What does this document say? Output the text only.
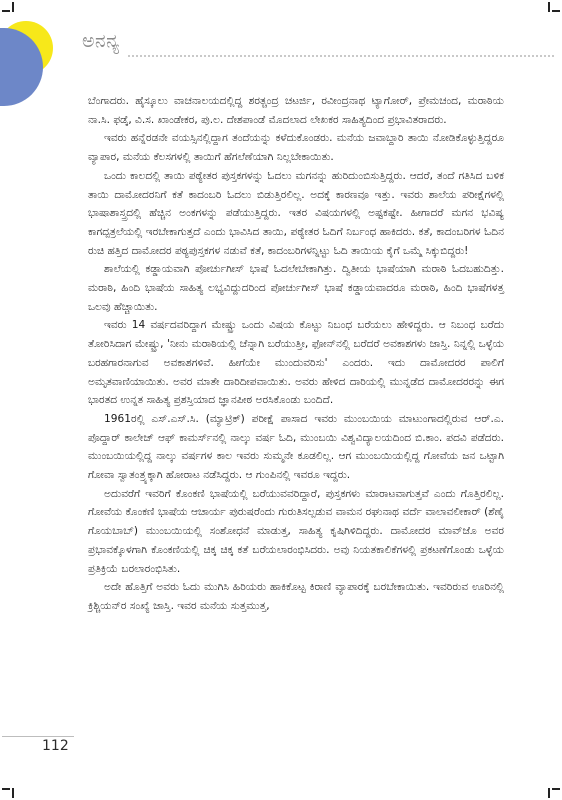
ಅನನ್ಯ

ಬೆಂಗಾದರು. ಹೈಸ್ಕೂಲು ವಾಚನಾಲಯದಲ್ಲಿದ್ದ ಶರತ್ಚಂದ್ರ ಚಟರ್ಜಿ, ರವೀಂದ್ರನಾಥ ಟ್ಯಾಗೋರ್, ಪ್ರೇಮಚಂದ, ಮರಾಠಿಯ ನಾ.ಸಿ. ಫಡ್ಕೆ, ವಿ.ಸ. ಖಾಂಡೇಕರ, ಪು.ಲ. ದೇಶಪಾಂಡೆ ಮೊದಲಾದ ಲೇಖಕರ ಸಾಹಿತ್ಯದಿಂದ ಪ್ರಭಾವಿತರಾದರು.

ಇವರು ಹನ್ನೆರಡನೇ ವಯಸ್ಸಿನಲ್ಲಿದ್ದಾಗ ತಂದೆಯನ್ನು ಕಳೆದುಕೊಂಡರು. ಮನೆಯ ಜವಾಬ್ದಾರಿ ತಾಯಿ ನೋಡಿಕೊಳ್ಳುತ್ತಿದ್ದರೂ ವ್ಯಾಪಾರ, ಮನೆಯ ಕೆಲಸಗಳಲ್ಲಿ ತಾಯಿಗೆ ಹೆಗಲೆಣೆಯಾಗಿ ನಿಲ್ಲಬೇಕಾಯಿತು.

ಒಂದು ಕಾಲದಲ್ಲಿ ತಾಯಿ ಪಠ್ಯೇತರ ಪುಸ್ತಕಗಳನ್ನು ಓದಲು ಮಗನನ್ನು ಹುರಿದುಂಬಿಸುತ್ತಿದ್ದರು. ಆದರೆ, ತಂದೆ ಗತಿಸಿದ ಬಳಿಕ ತಾಯಿ ದಾಮೋದರನಿಗೆ ಕತೆ ಕಾದಂಬರಿ ಓದಲು ಬಿಡುತ್ತಿರಲಿಲ್ಲ. ಅದಕ್ಕೆ ಕಾರಣವೂ ಇತ್ತು. ಇವರು ಶಾಲೆಯ ಪರೀಕ್ಷೆಗಳಲ್ಲಿ ಭಾಷಾಶಾಸ್ತ್ರದಲ್ಲಿ ಹೆಚ್ಚಿನ ಅಂಕಗಳನ್ನು ಪಡೆಯುತ್ತಿದ್ದರು. ಇತರ ವಿಷಯಗಳಲ್ಲಿ ಅಷ್ಟಕಷ್ಟೇ. ಹೀಗಾದರೆ ಮಗನ ಭವಿಷ್ಯ ಕಾಗದ್ಪತ್ರಲೆಯಲ್ಲಿ ಇರಬೇಕಾಗುತ್ತದೆ ಎಂದು ಭಾವಿಸಿದ ತಾಯಿ, ಪಠ್ಯೇತರ ಓದಿಗೆ ನಿರ್ಬಂಧ ಹಾಕಿದರು. ಕತೆ, ಕಾದಂಬರಿಗಳ ಓದಿನ ರುಚಿ ಹತ್ತಿದ ದಾಮೋದರ ಪಠ್ಯಪುಸ್ತಕಗಳ ನಡುವೆ ಕತೆ, ಕಾದಂಬರಿಗಳನ್ನಿಟ್ಟು ಓದಿ ತಾಯಿಯ ಕೈಗೆ ಒಮ್ಮೆ ಸಿಕ್ಕುಬಿದ್ದರು!

ಶಾಲೆಯಲ್ಲಿ ಕಡ್ಡಾಯವಾಗಿ ಪೋರ್ಚುಗೀಸ್ ಭಾಷೆ ಓದಲೇಬೇಕಾಗಿತ್ತು. ದ್ವಿತೀಯ ಭಾಷೆಯಾಗಿ ಮರಾಠಿ ಓದಬಹುದಿತ್ತು. ಮರಾಠಿ, ಹಿಂದಿ ಭಾಷೆಯ ಸಾಹಿತ್ಯ ಲಭ್ಯವಿದ್ದುದರಿಂದ ಪೋರ್ಚುಗೀಸ್ ಭಾಷೆ ಕಡ್ಡಾಯವಾದರೂ ಮರಾಠಿ, ಹಿಂದಿ ಭಾಷೆಗಳತ್ತ ಒಲವು ಹೆಚ್ಚಾಯಿತು.

ಇವರು 14 ವರ್ಷದವರಿದ್ದಾಗ ಮೇಷ್ಟ್ರು ಒಂದು ವಿಷಯ ಕೊಟ್ಟು ನಿಬಂಧ ಬರೆಯಲು ಹೇಳಿದ್ದರು. ಆ ನಿಬಂಧ ಬರೆದು ತೋರಿಸಿದಾಗ ಮೇಷ್ಟ್ರು, 'ನೀನು ಮರಾಠಿಯಲ್ಲಿ ಚೆನ್ನಾಗಿ ಬರೆಯುತ್ತೀ, ಫೋನ್‌ನಲ್ಲಿ ಬರೆದರೆ ಅವಕಾಶಗಳು ಜಾಸ್ತಿ. ನಿನ್ನಲ್ಲಿ ಒಳ್ಳೆಯ ಬರಹಗಾರನಾಗುವ ಅವಕಾಶಗಳಿವೆ. ಹೀಗೆಯೇ ಮುಂದುವರಿಸು' ಎಂದರು. ಇದು ದಾಮೋದರರ ಪಾಲಿಗೆ ಅಮೃತವಾಣಿಯಾಯಿತು. ಅವರ ಮಾತೇ ದಾರಿದೀಪವಾಯಿತು. ಅವರು ಹೇಳಿದ ದಾರಿಯಲ್ಲಿ ಮುನ್ನಡೆದ ದಾಮೋದರರನ್ನು ಈಗ ಭಾರತದ ಉನ್ನತ ಸಾಹಿತ್ಯ ಪ್ರಶಸ್ತಿಯಾದ ಜ್ಞಾನಪೀಠ ಅರಸಿಕೊಂಡು ಬಂದಿದೆ.

1961ರಲ್ಲಿ ಎಸ್.ಎಸ್.ಸಿ. (ಮ್ಯಾಟ್ರಿಕ್) ಪರೀಕ್ಷೆ ಪಾಸಾದ ಇವರು ಮುಂಬಯಿಯ ಮಾಟುಂಗಾದಲ್ಲಿರುವ ಆರ್.ಎ. ಪೊದ್ದಾರ್ ಕಾಲೇಜ್ ಆಫ್ ಕಾಮರ್ಸ್‌ನಲ್ಲಿ ನಾಲ್ಕು ವರ್ಷ ಓದಿ, ಮುಂಬಯಿ ವಿಶ್ವವಿದ್ಯಾಲಯದಿಂದ ಬಿ.ಕಾಂ. ಪದವಿ ಪಡೆದರು. ಮುಂಬಯಿಯಲ್ಲಿದ್ದ ನಾಲ್ಕು ವರ್ಷಗಳ ಕಾಲ ಇವರು ಸುಮ್ಮನೇ ಕೂಡಲಿಲ್ಲ. ಆಗ ಮುಂಬಯಿಯಲ್ಲಿದ್ದ ಗೋವೆಯ ಜನ ಒಟ್ಟಾಗಿ ಗೋವಾ ಸ್ವಾತಂತ್ರ್ಯಕ್ಕಾಗಿ ಹೋರಾಟ ನಡೆಸಿದ್ದರು. ಆ ಗುಂಪಿನಲ್ಲಿ ಇವರೂ ಇದ್ದರು.

ಅದುವರೆಗೆ ಇವರಿಗೆ ಕೊಂಕಣಿ ಭಾಷೆಯಲ್ಲಿ ಬರೆಯುವವರಿದ್ದಾರೆ, ಪುಸ್ತಕಗಳು ಮಾರಾಟವಾಗುತ್ತವೆ ಎಂದು ಗೊತ್ತಿರಲಿಲ್ಲ. ಗೋವೆಯ ಕೊಂಕಣಿ ಭಾಷೆಯ ಆಚಾರ್ಯ ಪುರುಷರೆಂದು ಗುರುತಿಸಲ್ಪಡುವ ವಾಮನ ರಘುನಾಥ ವರ್ದೆ ವಾಲಾವಲೀಕಾರ್ (ಶೆಣೈ ಗೊಯಬಾಬ್) ಮುಂಬಯಿಯಲ್ಲಿ ಸಂಶೋಧನೆ ಮಾಡುತ್ತ, ಸಾಹಿತ್ಯ ಕೃಷಿಗಿಳಿದಿದ್ದರು. ದಾಮೋದರ ಮಾವ್‌ಜೊ ಅವರ ಪ್ರಭಾವಕ್ಕೊಳಗಾಗಿ ಕೊಂಕಣಿಯಲ್ಲಿ ಚಿಕ್ಕ ಚಿಕ್ಕ ಕತೆ ಬರೆಯಲಾರಂಭಿಸಿದರು. ಅವು ನಿಯತಕಾಲಿಕೆಗಳಲ್ಲಿ ಪ್ರಕಟಣೆಗೊಂಡು ಒಳ್ಳೆಯ ಪ್ರತಿಕ್ರಿಯೆ ಬರಲಾರಂಭಿಸಿತು.

ಅದೇ ಹೊತ್ತಿಗೆ ಅವರು ಓದು ಮುಗಿಸಿ ಹಿರಿಯರು ಹಾಕಿಕೊಟ್ಟ ಕಿರಾಣಿ ವ್ಯಾಪಾರಕ್ಕೆ ಬರಬೇಕಾಯಿತು. ಇವರಿರುವ ಊರಿನಲ್ಲಿ ಕ್ರಿಶ್ಚಿಯನ್‌ರ ಸಂಖ್ಯೆ ಜಾಸ್ತಿ. ಇವರ ಮನೆಯ ಸುತ್ತಮುತ್ತ,

112
